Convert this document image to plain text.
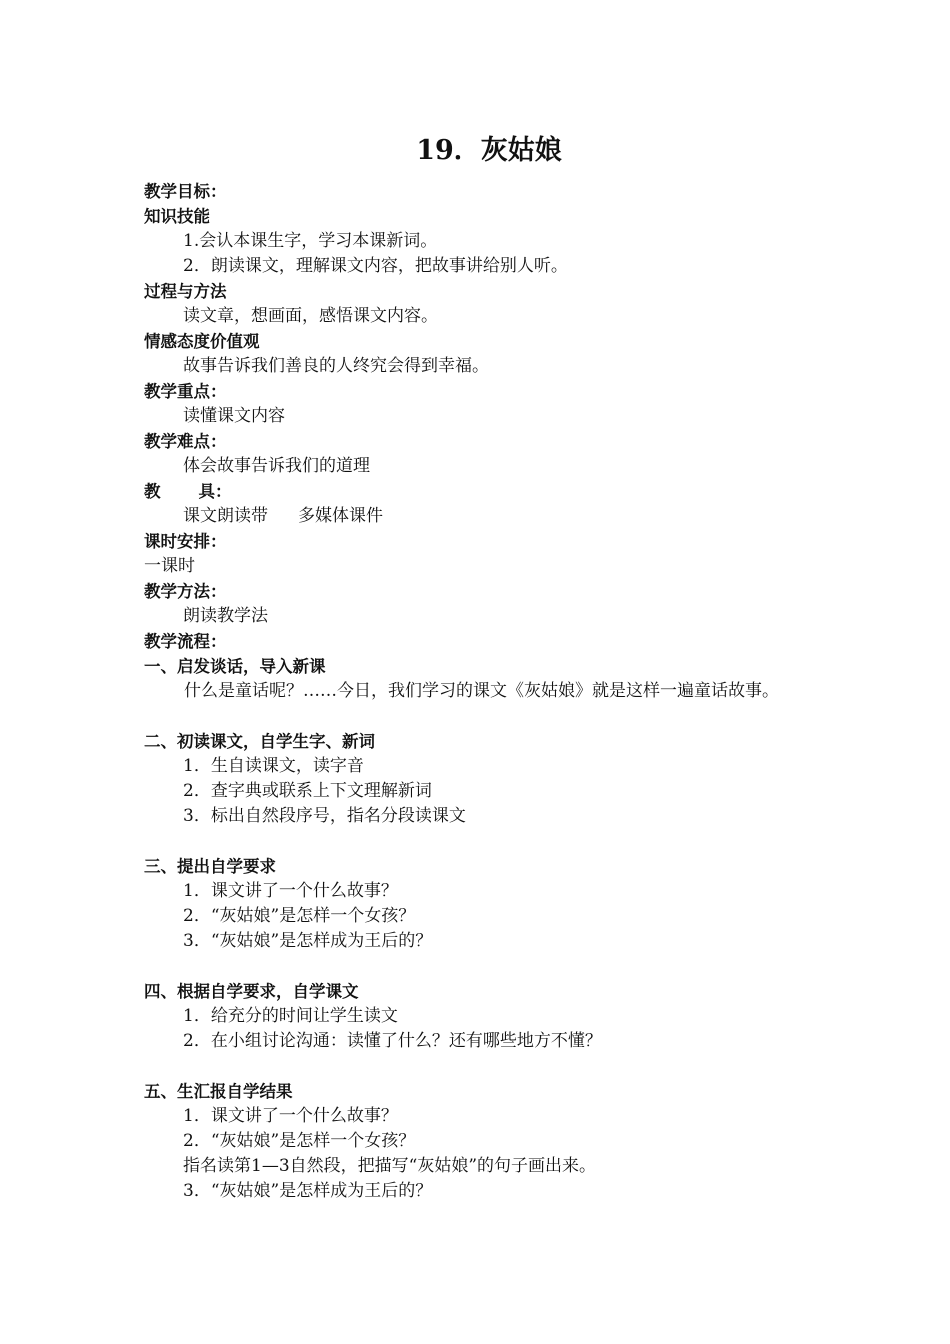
19．灰姑娘
教学目标：
知识技能
1.会认本课生字，学习本课新词。
2．朗读课文，理解课文内容，把故事讲给别人听。
过程与方法
读文章，想画面，感悟课文内容。
情感态度价值观
故事告诉我们善良的人终究会得到幸福。
教学重点：
读懂课文内容
教学难点：
体会故事告诉我们的道理
教 具：
课文朗读带 多媒体课件
课时安排：
一课时
教学方法：
朗读教学法
教学流程：
一、启发谈话，导入新课
什么是童话呢？……今日，我们学习的课文《灰姑娘》就是这样一遍童话故事。
二、初读课文，自学生字、新词
1．生自读课文，读字音
2．查字典或联系上下文理解新词
3．标出自然段序号，指名分段读课文
三、提出自学要求
1．课文讲了一个什么故事？
2．“灰姑娘”是怎样一个女孩？
3．“灰姑娘”是怎样成为王后的？
四、根据自学要求，自学课文
1．给充分的时间让学生读文
2．在小组讨论沟通：读懂了什么？还有哪些地方不懂？
五、生汇报自学结果
1．课文讲了一个什么故事？
2．“灰姑娘”是怎样一个女孩？
指名读第1—3自然段，把描写“灰姑娘”的句子画出来。
3．“灰姑娘”是怎样成为王后的？
